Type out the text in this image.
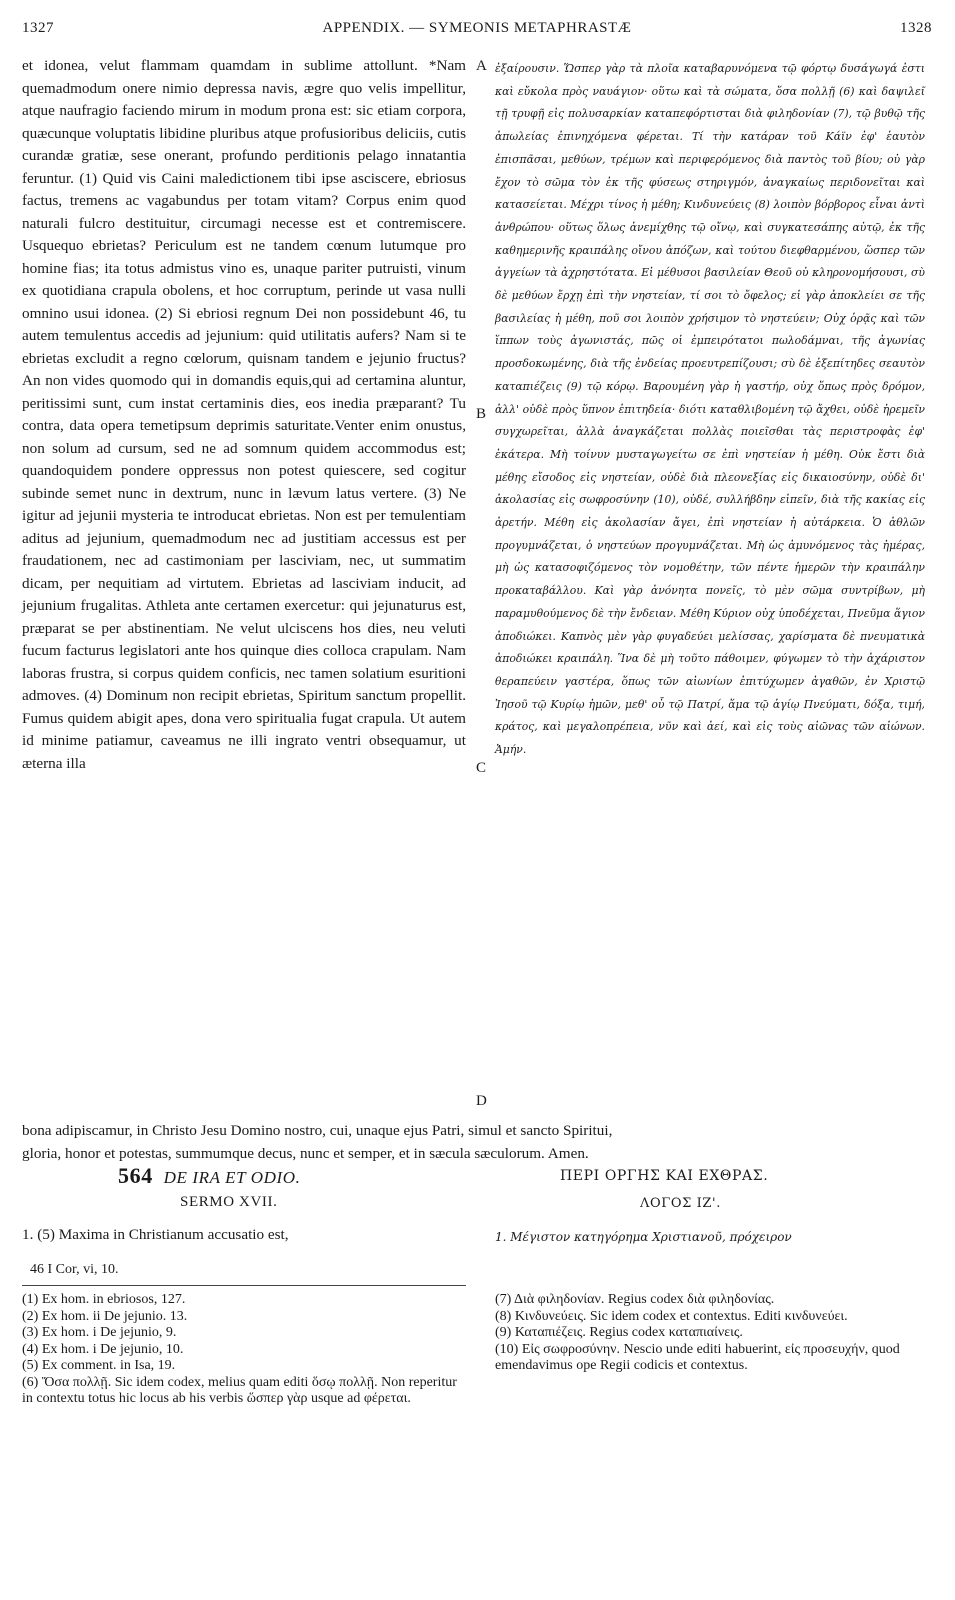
1327	APPENDIX. — SYMEONIS METAPHRASTÆ	1328

et idonea, velut flammam quamdam in sublime attollunt. *Nam quemadmodum onere nimio depressa navis, ægre quo velis impellitur, atque naufragio faciendo mirum in modum prona est: sic etiam corpora, quæcunque voluptatis libidine pluribus atque profusioribus deliciis, cutis curandæ gratiæ, sese onerant, profundo perditionis pelago innatantia feruntur. (1) Quid vis Caini maledictionem tibi ipse asciscere, ebriosus factus, tremens ac vagabundus per totam vitam? Corpus enim quod naturali fulcro destituitur, circumagi necesse est et contremiscere. Usquequo ebrietas? Periculum est ne tandem cœnum lutumque pro homine fias; ita totus admistus vino es, unaque pariter putruisti, vinum ex quotidiana crapula obolens, et hoc corruptum, perinde ut vasa nulli omnino usui idonea. (2) Si ebriosi regnum Dei non possidebunt 46, tu autem temulentus accedis ad jejunium: quid utilitatis aufers? Nam si te ebrietas excludit a regno cœlorum, quisnam tandem e jejunio fructus? An non vides quomodo qui in domandis equis,qui ad certamina aluntur, peritissimi sunt, cum instat certaminis dies, eos inedia præparant? Tu contra, data opera temetipsum deprimis saturitate.Venter enim onustus, non solum ad cursum, sed ne ad somnum quidem accommodus est; quandoquidem pondere oppressus non potest quiescere, sed cogitur subinde semet nunc in dextrum, nunc in lævum latus vertere. (3) Ne igitur ad jejunii mysteria te introducat ebrietas. Non est per temulentiam aditus ad jejunium, quemadmodum nec ad justitiam accessus est per fraudationem, nec ad castimoniam per lasciviam, nec, ut summatim dicam, per nequitiam ad virtutem. Ebrietas ad lasciviam inducit, ad jejunium frugalitas. Athleta ante certamen exercetur: qui jejunaturus est, præparat se per abstinentiam. Ne velut ulciscens hos dies, neu veluti fucum facturus legislatori ante hos quinque dies colloca crapulam. Nam laboras frustra, si corpus quidem conficis, nec tamen solatium esuritioni admoves. (4) Dominum non recipit ebrietas, Spiritum sanctum propellit. Fumus quidem abigit apes, dona vero spiritualia fugat crapula. Ut autem id minime patiamur, caveamus ne illi ingrato ventri obsequamur, ut æterna illa

A
B
C
D

ἐξαίρουσιν. Ὥσπερ γὰρ τὰ πλοῖα καταβαρυνόμενα τῷ φόρτῳ δυσάγωγά ἐστι καὶ εὔκολα πρὸς ναυάγιον· οὕτω καὶ τὰ σώματα, ὅσα πολλῇ (6) καὶ δαψιλεῖ τῇ τρυφῇ εἰς πολυσαρκίαν καταπεφόρτισται διὰ φιληδονίαν (7), τῷ βυθῷ τῆς ἀπωλείας ἐπινηχόμενα φέρεται. Τί τὴν κατάραν τοῦ Κάϊν ἐφ' ἑαυτὸν ἐπισπᾶσαι, μεθύων, τρέμων καὶ περιφερόμενος διὰ παντὸς τοῦ βίου; οὐ γὰρ ἔχον τὸ σῶμα τὸν ἐκ τῆς φύσεως στηριγμόν, ἀναγκαίως περιδονεῖται καὶ κατασείεται. Μέχρι τίνος ἡ μέθη; Κινδυνεύεις (8) λοιπὸν βόρβορος εἶναι ἀντὶ ἀνθρώπου· οὕτως ὅλως ἀνεμίχθης τῷ οἴνῳ, καὶ συγκατεσάπης αὐτῷ, ἐκ τῆς καθημερινῆς κραιπάλης οἴνου ἀπόζων, καὶ τούτου διεφθαρμένου, ὥσπερ τῶν ἀγγείων τὰ ἀχρηστότατα. Εἰ μέθυσοι βασιλείαν Θεοῦ οὐ κληρονομήσουσι, σὺ δὲ μεθύων ἔρχῃ ἐπὶ τὴν νηστείαν, τί σοι τὸ ὄφελος; εἰ γὰρ ἀποκλείει σε τῆς βασιλείας ἡ μέθη, ποῦ σοι λοιπὸν χρήσιμον τὸ νηστεύειν; Οὐχ ὁρᾷς καὶ τῶν ἵππων τοὺς ἀγωνιστάς, πῶς οἱ ἐμπειρότατοι πωλοδάμναι, τῆς ἀγωνίας προσδοκωμένης, διὰ τῆς ἐνδείας προευτρεπίζουσι; σὺ δὲ ἐξεπίτηδες σεαυτὸν καταπιέζεις (9) τῷ κόρῳ. Βαρουμένη γὰρ ἡ γαστήρ, οὐχ ὅπως πρὸς δρόμον, ἀλλ' οὐδὲ πρὸς ὕπνον ἐπιτηδεία· διότι καταθλιβομένη τῷ ἄχθει, οὐδὲ ἠρεμεῖν συγχωρεῖται, ἀλλὰ ἀναγκάζεται πολλὰς ποιεῖσθαι τὰς περιστροφὰς ἐφ' ἑκάτερα. Μὴ τοίνυν μυσταγωγείτω σε ἐπὶ νηστείαν ἡ μέθη. Οὐκ ἔστι διὰ μέθης εἴσοδος εἰς νηστείαν, οὐδὲ διὰ πλεονεξίας εἰς δικαιοσύνην, οὐδὲ δι' ἀκολασίας εἰς σωφροσύνην (10), οὐδέ, συλλήβδην εἰπεῖν, διὰ τῆς κακίας εἰς ἀρετήν. Μέθη εἰς ἀκολασίαν ἄγει, ἐπὶ νηστείαν ἡ αὐτάρκεια. Ὁ ἀθλῶν προγυμνάζεται, ὁ νηστεύων προγυμνάζεται. Μὴ ὡς ἀμυνόμενος τὰς ἡμέρας, μὴ ὡς κατασοφιζόμενος τὸν νομοθέτην, τῶν πέντε ἡμερῶν τὴν κραιπάλην προκαταβάλλου. Καὶ γὰρ ἀνόνητα πονεῖς, τὸ μὲν σῶμα συντρίβων, μὴ παραμυθούμενος δὲ τὴν ἔνδειαν. Μέθη Κύριον οὐχ ὑποδέχεται, Πνεῦμα ἅγιον ἀποδιώκει. Καπνὸς μὲν γὰρ φυγαδεύει μελίσσας, χαρίσματα δὲ πνευματικὰ ἀποδιώκει κραιπάλη. Ἵνα δὲ μὴ τοῦτο πάθοιμεν, φύγωμεν τὸ τὴν ἀχάριστον θεραπεύειν γαστέρα, ὅπως τῶν αἰωνίων ἐπιτύχωμεν ἀγαθῶν, ἐν Χριστῷ Ἰησοῦ τῷ Κυρίῳ ἡμῶν, μεθ' οὗ τῷ Πατρί, ἅμα τῷ ἁγίῳ Πνεύματι, δόξα, τιμή, κράτος, καὶ μεγαλοπρέπεια, νῦν καὶ ἀεί, καὶ εἰς τοὺς αἰῶνας τῶν αἰώνων. Ἀμήν.

bona adipiscamur, in Christo Jesu Domino nostro, cui, unaque ejus Patri, simul et sancto Spiritui,

gloria, honor et potestas, summumque decus, nunc et semper, et in sæcula sæculorum. Amen.

564 DE IRA ET ODIO.
SERMO XVII.
1. (5) Maxima in Christianum accusatio est,
ΠΕΡΙ ΟΡΓΗΣ ΚΑΙ ΕΧΘΡΑΣ.
ΛΟΓΟΣ ΙΖ'.
1. Μέγιστον κατηγόρημα Χριστιανοῦ, πρόχειρον
46 I Cor, vi, 10.
(1) Ex hom. in ebriosos, 127.
(2) Ex hom. ii De jejunio. 13.
(3) Ex hom. i De jejunio, 9.
(4) Ex hom. i De jejunio, 10.
(5) Ex comment. in Isa, 19.
(6) Ὅσα πολλῇ. Sic idem codex, melius quam editi ὅσῳ πολλῇ. Non reperitur in contextu totus hic locus ab his verbis ὥσπερ γὰρ usque ad φέρεται.
(7) Διὰ φιληδονίαν. Regius codex διὰ φιληδονίας.
(8) Κινδυνεύεις. Sic idem codex et contextus. Editi κινδυνεύει.
(9) Καταπιέζεις. Regius codex καταπιαίνεις.
(10) Εἰς σωφροσύνην. Nescio unde editi habuerint, εἰς προσευχήν, quod emendavimus ope Regii codicis et contextus.
